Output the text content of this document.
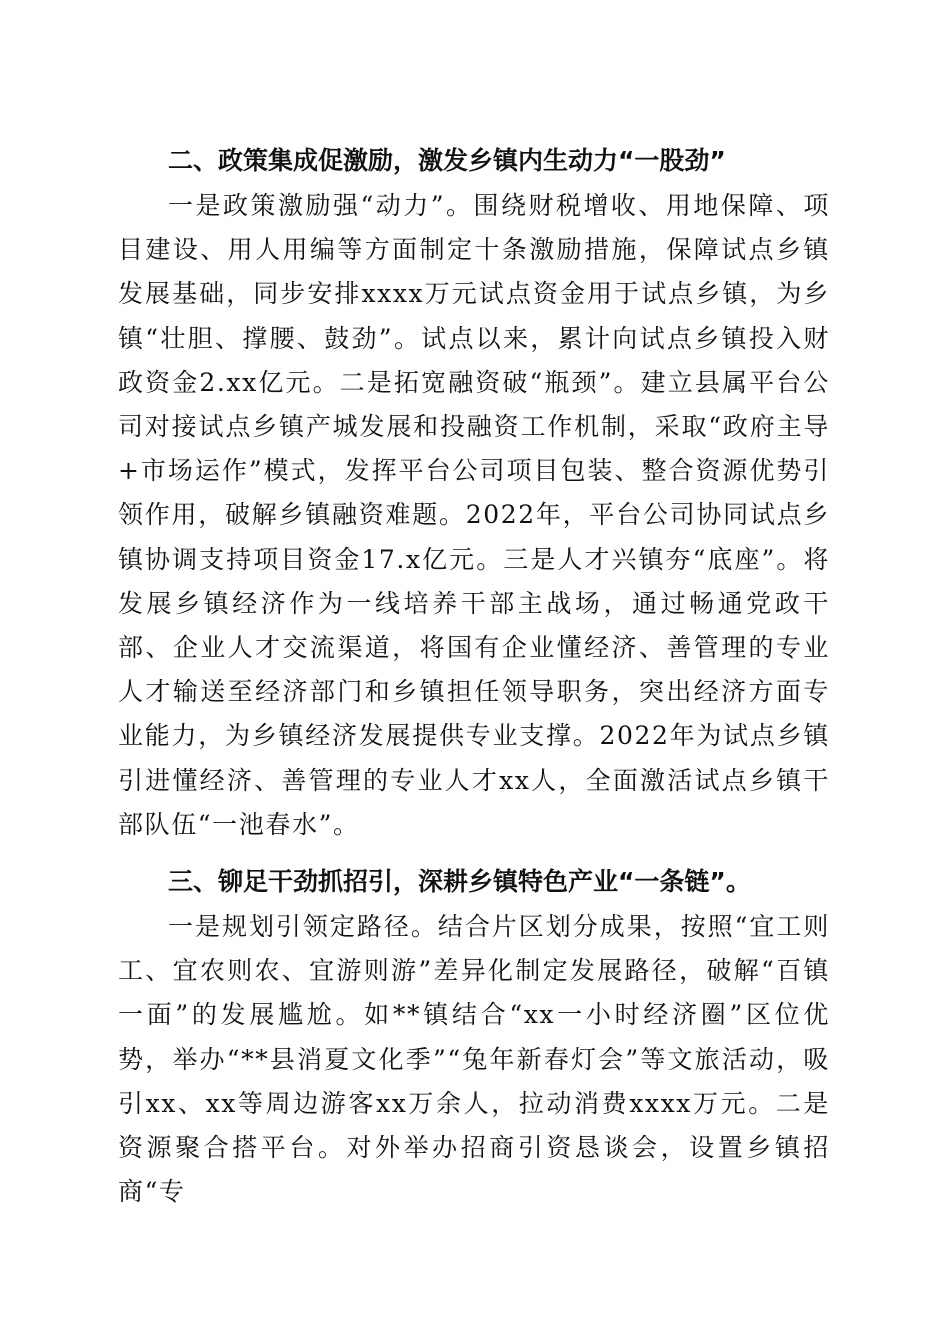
二、政策集成促激励，激发乡镇内生动力“一股劲”

一是政策激励强“动力”。围绕财税增收、用地保障、项目建设、用人用编等方面制定十条激励措施，保障试点乡镇发展基础，同步安排xxxx万元试点资金用于试点乡镇，为乡镇“壮胆、撑腰、鼓劲”。试点以来，累计向试点乡镇投入财政资金2.xx亿元。二是拓宽融资破“瓶颈”。建立县属平台公司对接试点乡镇产城发展和投融资工作机制，采取“政府主导+市场运作”模式，发挥平台公司项目包装、整合资源优势引领作用，破解乡镇融资难题。2022年，平台公司协同试点乡镇协调支持项目资金17.x亿元。三是人才兴镇夯“底座”。将发展乡镇经济作为一线培养干部主战场，通过畅通党政干部、企业人才交流渠道，将国有企业懂经济、善管理的专业人才输送至经济部门和乡镇担任领导职务，突出经济方面专业能力，为乡镇经济发展提供专业支撑。2022年为试点乡镇引进懂经济、善管理的专业人才xx人，全面激活试点乡镇干部队伍“一池春水”。

三、铆足干劲抓招引，深耕乡镇特色产业“一条链”。

一是规划引领定路径。结合片区划分成果，按照“宜工则工、宜农则农、宜游则游”差异化制定发展路径，破解“百镇一面”的发展尴尬。如**镇结合“xx一小时经济圈”区位优势，举办“**县消夏文化季”“兔年新春灯会”等文旅活动，吸引xx、xx等周边游客xx万余人，拉动消费xxxx万元。二是资源聚合搭平台。对外举办招商引资恳谈会，设置乡镇招商“专
